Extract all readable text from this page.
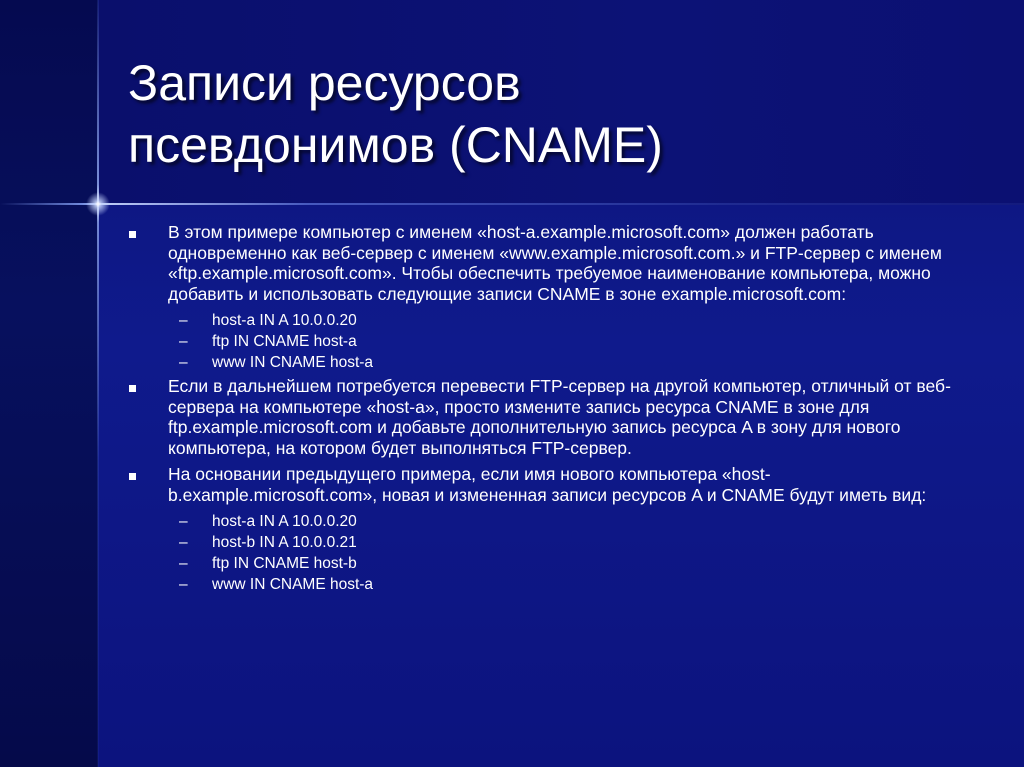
Записи ресурсов
псевдонимов (CNAME)
В этом примере компьютер с именем «host-a.example.microsoft.com» должен работать одновременно как веб-сервер с именем «www.example.microsoft.com.» и FTP-сервер с именем «ftp.example.microsoft.com». Чтобы обеспечить требуемое наименование компьютера, можно добавить и использовать следующие записи CNAME в зоне example.microsoft.com:
– host-a IN A 10.0.0.20
– ftp IN CNAME host-a
– www IN CNAME host-a
Если в дальнейшем потребуется перевести FTP-сервер на другой компьютер, отличный от веб-сервера на компьютере «host-a», просто измените запись ресурса CNAME в зоне для ftp.example.microsoft.com и добавьте дополнительную запись ресурса A в зону для нового компьютера, на котором будет выполняться FTP-сервер.
На основании предыдущего примера, если имя нового компьютера «host-b.example.microsoft.com», новая и измененная записи ресурсов A и CNAME будут иметь вид:
– host-a IN A 10.0.0.20
– host-b IN A 10.0.0.21
– ftp IN CNAME host-b
– www IN CNAME host-a
